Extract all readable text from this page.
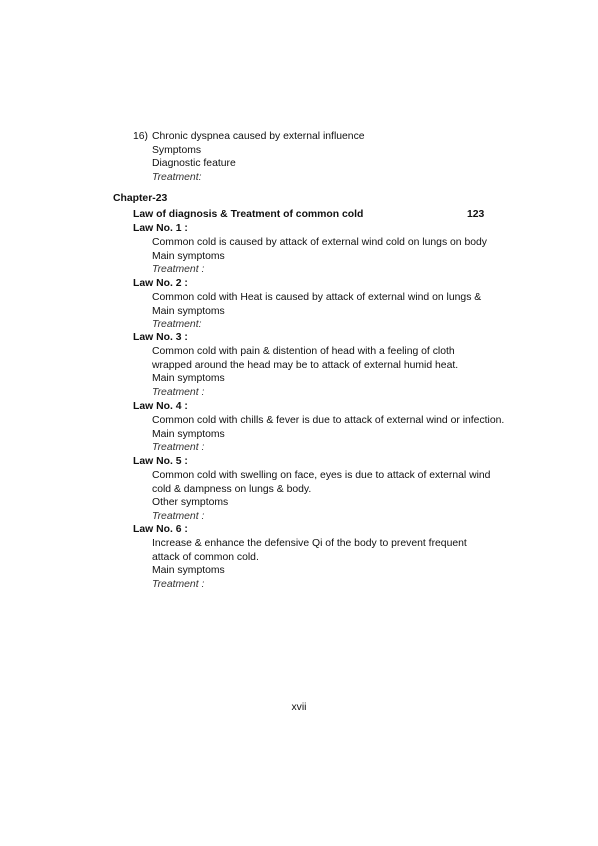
16) Chronic dyspnea caused by external influence
Symptoms
Diagnostic feature
Treatment:
Chapter-23
Law of diagnosis & Treatment of common cold	123
Law No. 1 :
Common cold is caused by attack of external wind cold on lungs on body
Main symptoms
Treatment :
Law No. 2 :
Common cold with Heat is caused by attack of external wind on lungs &
Main symptoms
Treatment:
Law No. 3 :
Common cold with pain & distention of head with a feeling of cloth wrapped around the head may be to attack of external humid heat.
Main symptoms
Treatment :
Law No. 4 :
Common cold with chills & fever is due to attack of external wind or infection.
Main symptoms
Treatment :
Law No. 5 :
Common cold with swelling on face, eyes is due to attack of external wind cold & dampness on lungs & body.
Other symptoms
Treatment :
Law No. 6 :
Increase & enhance the defensive Qi of the body to prevent frequent attack of common cold.
Main symptoms
Treatment :
xvii
